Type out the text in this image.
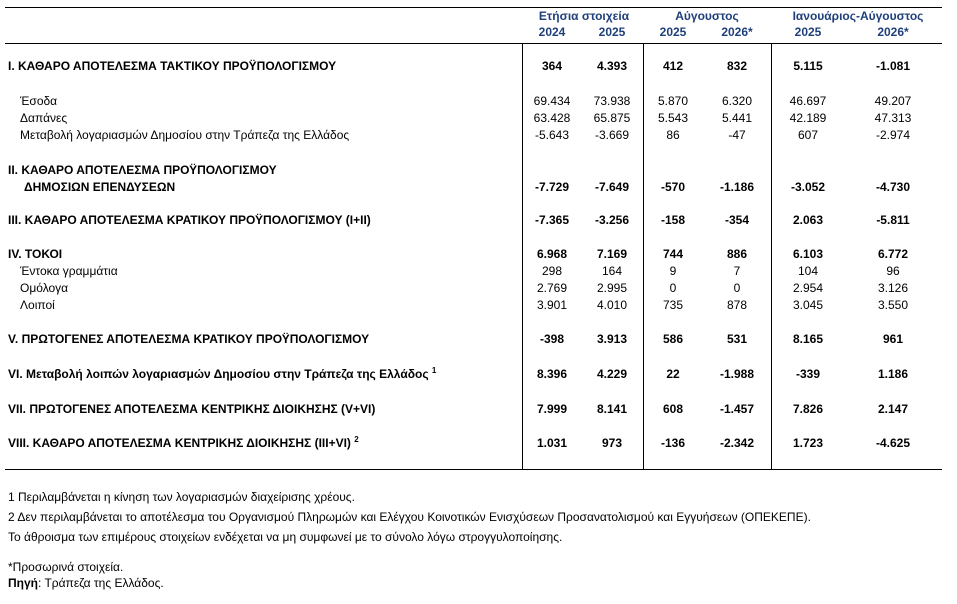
Ετήσια στοιχεία	Αύγουστος	Ιανουάριος-Αύγουστος
2024	2025	2025	2026*	2025	2026*
I. ΚΑΘΑΡΟ ΑΠΟΤΕΛΕΣΜΑ ΤΑΚΤΙΚΟΥ ΠΡΟΫΠΟΛΟΓΙΣΜΟΥ	364	4.393	412	832	5.115	-1.081
Έσοδα	69.434	73.938	5.870	6.320	46.697	49.207
Δαπάνες	63.428	65.875	5.543	5.441	42.189	47.313
Μεταβολή λογαριασμών Δημοσίου στην Τράπεζα της Ελλάδος	-5.643	-3.669	86	-47	607	-2.974
II. ΚΑΘΑΡΟ ΑΠΟΤΕΛΕΣΜΑ ΠΡΟΫΠΟΛΟΓΙΣΜΟΥ
ΔΗΜΟΣΙΩΝ ΕΠΕΝΔΥΣΕΩΝ	-7.729	-7.649	-570	-1.186	-3.052	-4.730
III. ΚΑΘΑΡΟ ΑΠΟΤΕΛΕΣΜΑ ΚΡΑΤΙΚΟΥ ΠΡΟΫΠΟΛΟΓΙΣΜΟΥ (I+II)	-7.365	-3.256	-158	-354	2.063	-5.811
IV. ΤΟΚΟΙ	6.968	7.169	744	886	6.103	6.772
Έντοκα γραμμάτια	298	164	9	7	104	96
Ομόλογα	2.769	2.995	0	0	2.954	3.126
Λοιποί	3.901	4.010	735	878	3.045	3.550
V. ΠΡΩΤΟΓΕΝΕΣ ΑΠΟΤΕΛΕΣΜΑ ΚΡΑΤΙΚΟΥ ΠΡΟΫΠΟΛΟΓΙΣΜΟΥ	-398	3.913	586	531	8.165	961
VI. Μεταβολή λοιπών λογαριασμών Δημοσίου στην Τράπεζα της Ελλάδος $^1$	8.396	4.229	22	-1.988	-339	1.186
VII. ΠΡΩΤΟΓΕΝΕΣ ΑΠΟΤΕΛΕΣΜΑ ΚΕΝΤΡΙΚΗΣ ΔΙΟΙΚΗΣΗΣ (V+VI)	7.999	8.141	608	-1.457	7.826	2.147
VIII. ΚΑΘΑΡΟ ΑΠΟΤΕΛΕΣΜΑ ΚΕΝΤΡΙΚΗΣ ΔΙΟΙΚΗΣΗΣ (III+VI) $^2$	1.031	973	-136	-2.342	1.723	-4.625
1 Περιλαμβάνεται η κίνηση των λογαριασμών διαχείρισης χρέους.
2 Δεν περιλαμβάνεται το αποτέλεσμα του Οργανισμού Πληρωμών και Ελέγχου Κοινοτικών Ενισχύσεων Προσανατολισμού και Εγγυήσεων (ΟΠΕΚΕΠΕ).
Το άθροισμα των επιμέρους στοιχείων ενδέχεται να μη συμφωνεί με το σύνολο λόγω στρογγυλοποίησης.
*Προσωρινά στοιχεία.
Πηγή: Τράπεζα της Ελλάδος.
